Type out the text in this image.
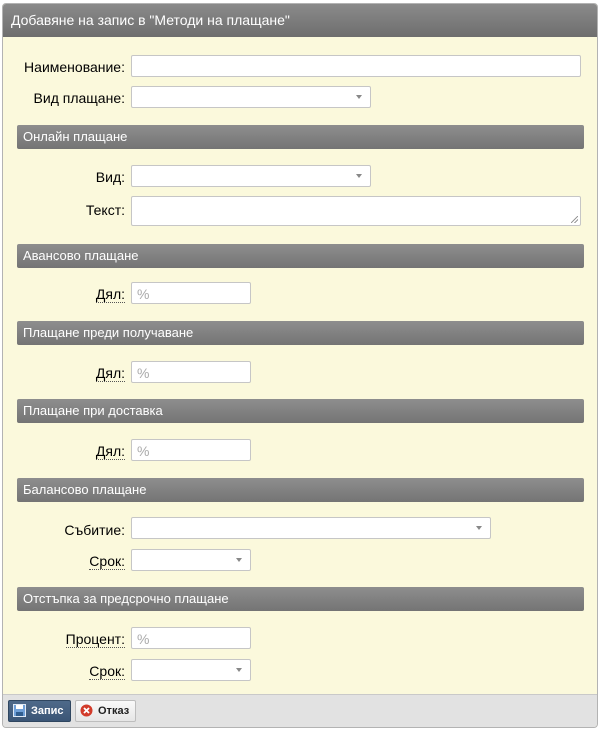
Добавяне на запис в "Методи на плащане"
Наименование:
Вид плащане:
Онлайн плащане
Вид:
Текст:
Авансово плащане
Дял: %
Плащане преди получаване
Дял: %
Плащане при доставка
Дял: %
Балансово плащане
Събитие:
Срок:
Отстъпка за предсрочно плащане
Процент: %
Срок:
Запис	Отказ
